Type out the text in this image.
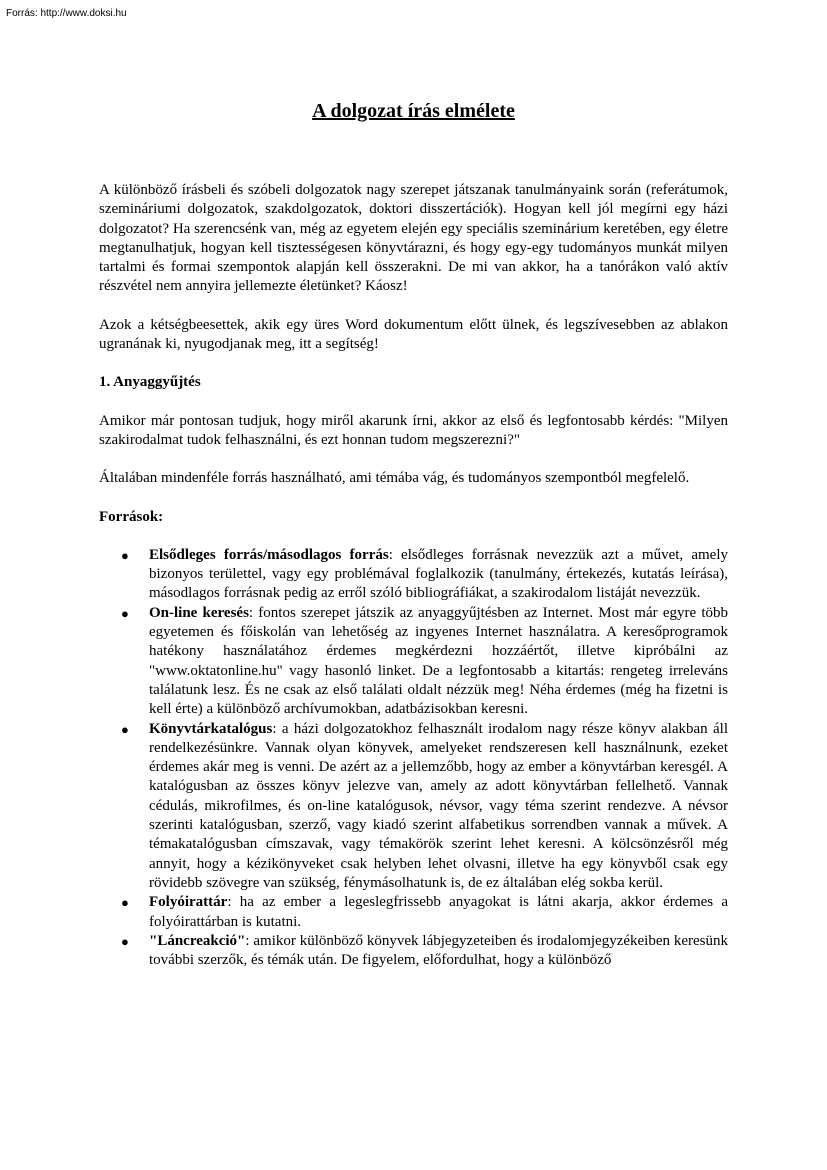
Forrás: http://www.doksi.hu
A dolgozat írás elmélete

A különböző írásbeli és szóbeli dolgozatok nagy szerepet játszanak tanulmányaink során (referátumok, szemináriumi dolgozatok, szakdolgozatok, doktori disszertációk). Hogyan kell jól megírni egy házi dolgozatot? Ha szerencsénk van, még az egyetem elején egy speciális szeminárium keretében, egy életre megtanulhatjuk, hogyan kell tisztességesen könyvtárazni, és hogy egy-egy tudományos munkát milyen tartalmi és formai szempontok alapján kell összerakni. De mi van akkor, ha a tanórákon való aktív részvétel nem annyira jellemezte életünket? Káosz!

Azok a kétségbeesettek, akik egy üres Word dokumentum előtt ülnek, és legszívesebben az ablakon ugranának ki, nyugodjanak meg, itt a segítség!

1. Anyaggyűjtés

Amikor már pontosan tudjuk, hogy miről akarunk írni, akkor az első és legfontosabb kérdés: "Milyen szakirodalmat tudok felhasználni, és ezt honnan tudom megszerezni?"

Általában mindenféle forrás használható, ami témába vág, és tudományos szempontból megfelelő.

Források:
● Elsődleges forrás/másodlagos forrás: elsődleges forrásnak nevezzük azt a művet, amely bizonyos területtel, vagy egy problémával foglalkozik (tanulmány, értekezés, kutatás leírása), másodlagos forrásnak pedig az erről szóló bibliográfiákat, a szakirodalom listáját nevezzük.
● On-line keresés: fontos szerepet játszik az anyaggyűjtésben az Internet. Most már egyre több egyetemen és főiskolán van lehetőség az ingyenes Internet használatra. A keresőprogramok hatékony használatához érdemes megkérdezni hozzáértőt, illetve kipróbálni az "www.oktatonline.hu" vagy hasonló linket. De a legfontosabb a kitartás: rengeteg irreleváns találatunk lesz. És ne csak az első találati oldalt nézzük meg! Néha érdemes (még ha fizetni is kell érte) a különböző archívumokban, adatbázisokban keresni.
● Könyvtárkatalógus: a házi dolgozatokhoz felhasznált irodalom nagy része könyv alakban áll rendelkezésünkre. Vannak olyan könyvek, amelyeket rendszeresen kell használnunk, ezeket érdemes akár meg is venni. De azért az a jellemzőbb, hogy az ember a könyvtárban keresgél. A katalógusban az összes könyv jelezve van, amely az adott könyvtárban fellelhető. Vannak cédulás, mikrofilmes, és on-line katalógusok, névsor, vagy téma szerint rendezve. A névsor szerinti katalógusban, szerző, vagy kiadó szerint alfabetikus sorrendben vannak a művek. A témakatalógusban címszavak, vagy témakörök szerint lehet keresni. A kölcsönzésről még annyit, hogy a kézikönyveket csak helyben lehet olvasni, illetve ha egy könyvből csak egy rövidebb szövegre van szükség, fénymásolhatunk is, de ez általában elég sokba kerül.
● Folyóirattár: ha az ember a legeslegfrissebb anyagokat is látni akarja, akkor érdemes a folyóirattárban is kutatni.
● "Láncreakció": amikor különböző könyvek lábjegyzeteiben és irodalomjegyzékeiben keresünk további szerzők, és témák után. De figyelem, előfordulhat, hogy a különböző
